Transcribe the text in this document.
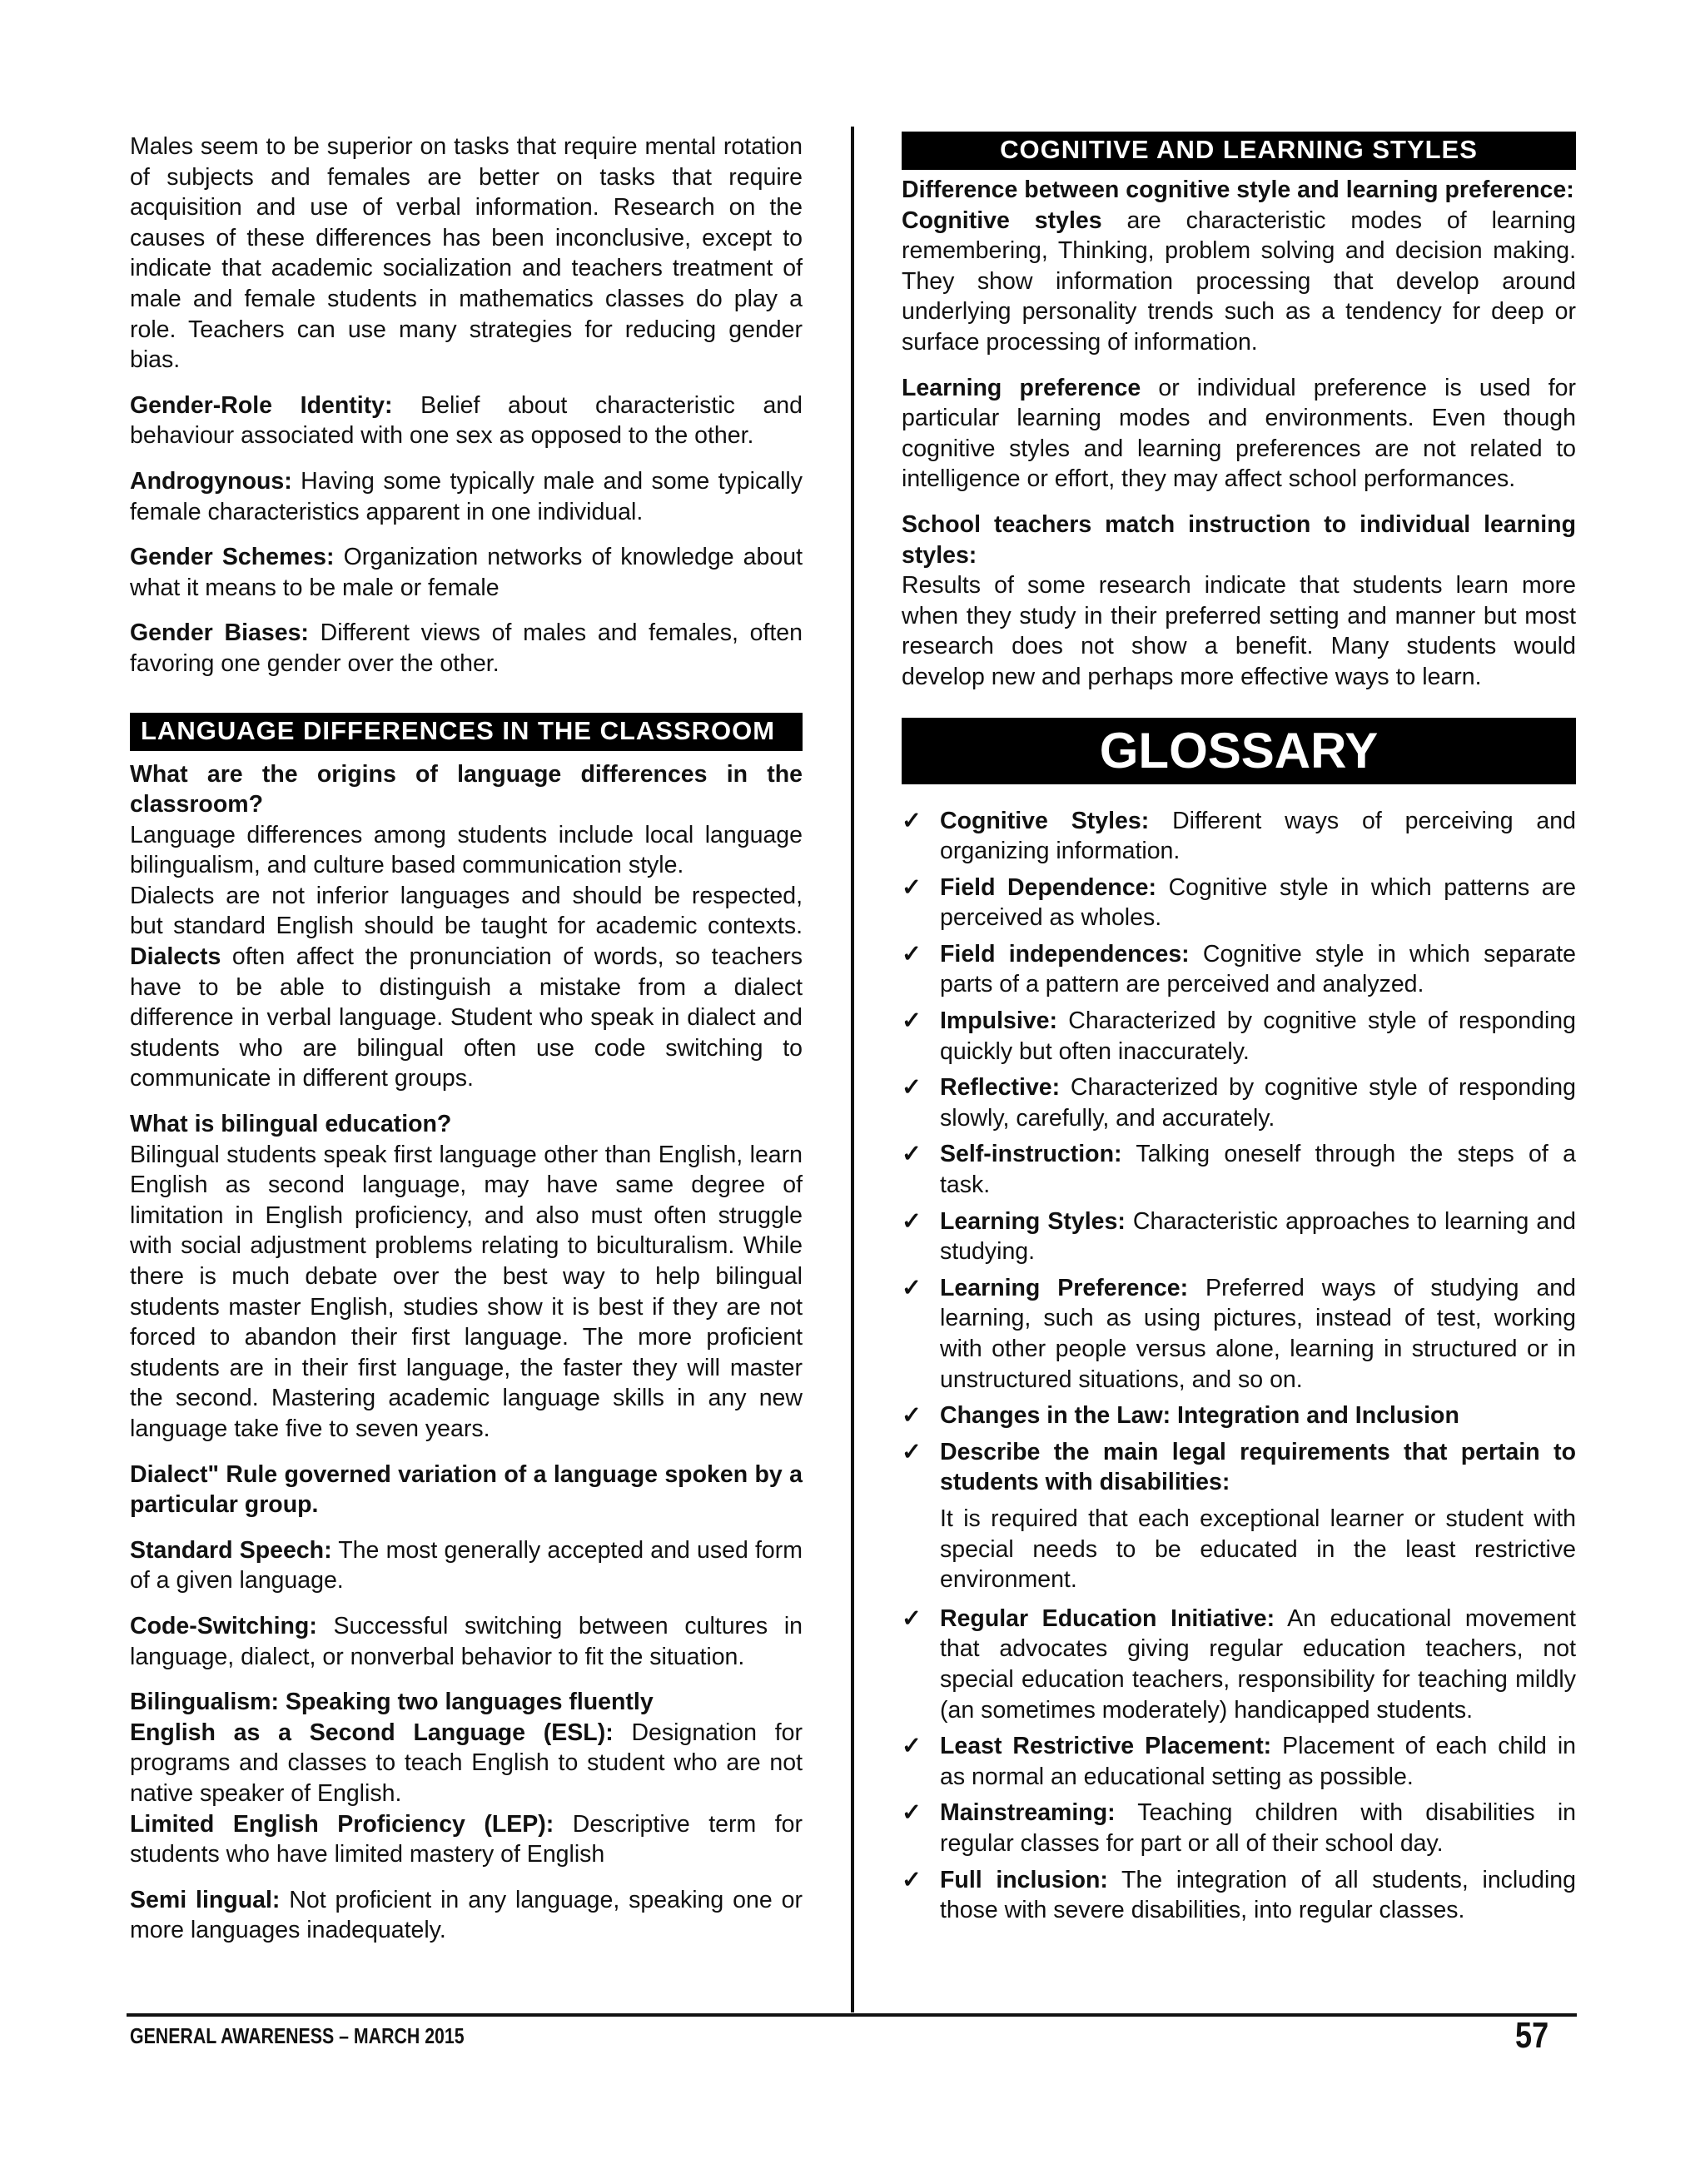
Males seem to be superior on tasks that require mental rotation of subjects and females are better on tasks that require acquisition and use of verbal information. Research on the causes of these differences has been inconclusive, except to indicate that academic socialization and teachers treatment of male and female students in mathematics classes do play a role. Teachers can use many strategies for reducing gender bias.

Gender-Role Identity: Belief about characteristic and behaviour associated with one sex as opposed to the other.

Androgynous: Having some typically male and some typically female characteristics apparent in one individual.

Gender Schemes: Organization networks of knowledge about what it means to be male or female

Gender Biases: Different views of males and females, often favoring one gender over the other.

LANGUAGE DIFFERENCES IN THE CLASSROOM

What are the origins of language differences in the classroom?

Language differences among students include local language bilingualism, and culture based communication style.

Dialects are not inferior languages and should be respected, but standard English should be taught for academic contexts. Dialects often affect the pronunciation of words, so teachers have to be able to distinguish a mistake from a dialect difference in verbal language. Student who speak in dialect and students who are bilingual often use code switching to communicate in different groups.

What is bilingual education?

Bilingual students speak first language other than English, learn English as second language, may have same degree of limitation in English proficiency, and also must often struggle with social adjustment problems relating to biculturalism. While there is much debate over the best way to help bilingual students master English, studies show it is best if they are not forced to abandon their first language. The more proficient students are in their first language, the faster they will master the second. Mastering academic language skills in any new language take five to seven years.

Dialect" Rule governed variation of a language spoken by a particular group.

Standard Speech: The most generally accepted and used form of a given language.

Code-Switching: Successful switching between cultures in language, dialect, or nonverbal behavior to fit the situation.

Bilingualism: Speaking two languages fluently

English as a Second Language (ESL): Designation for programs and classes to teach English to student who are not native speaker of English.

Limited English Proficiency (LEP): Descriptive term for students who have limited mastery of English

Semi lingual: Not proficient in any language, speaking one or more languages inadequately.

COGNITIVE AND LEARNING STYLES

Difference between cognitive style and learning preference:

Cognitive styles are characteristic modes of learning remembering, Thinking, problem solving and decision making. They show information processing that develop around underlying personality trends such as a tendency for deep or surface processing of information.

Learning preference or individual preference is used for particular learning modes and environments. Even though cognitive styles and learning preferences are not related to intelligence or effort, they may affect school performances.

School teachers match instruction to individual learning styles:

Results of some research indicate that students learn more when they study in their preferred setting and manner but most research does not show a benefit. Many students would develop new and perhaps more effective ways to learn.

GLOSSARY
✓ Cognitive Styles: Different ways of perceiving and organizing information.
✓ Field Dependence: Cognitive style in which patterns are perceived as wholes.
✓ Field independences: Cognitive style in which separate parts of a pattern are perceived and analyzed.
✓ Impulsive: Characterized by cognitive style of responding quickly but often inaccurately.
✓ Reflective: Characterized by cognitive style of responding slowly, carefully, and accurately.
✓ Self-instruction: Talking oneself through the steps of a task.
✓ Learning Styles: Characteristic approaches to learning and studying.
✓ Learning Preference: Preferred ways of studying and learning, such as using pictures, instead of test, working with other people versus alone, learning in structured or in unstructured situations, and so on.
✓ Changes in the Law: Integration and Inclusion
✓ Describe the main legal requirements that pertain to students with disabilities:

It is required that each exceptional learner or student with special needs to be educated in the least restrictive environment.

✓ Regular Education Initiative: An educational movement that advocates giving regular education teachers, not special education teachers, responsibility for teaching mildly (an sometimes moderately) handicapped students.
✓ Least Restrictive Placement: Placement of each child in as normal an educational setting as possible.
✓ Mainstreaming: Teaching children with disabilities in regular classes for part or all of their school day.
✓ Full inclusion: The integration of all students, including those with severe disabilities, into regular classes.
GENERAL AWARENESS – MARCH 2015	57
